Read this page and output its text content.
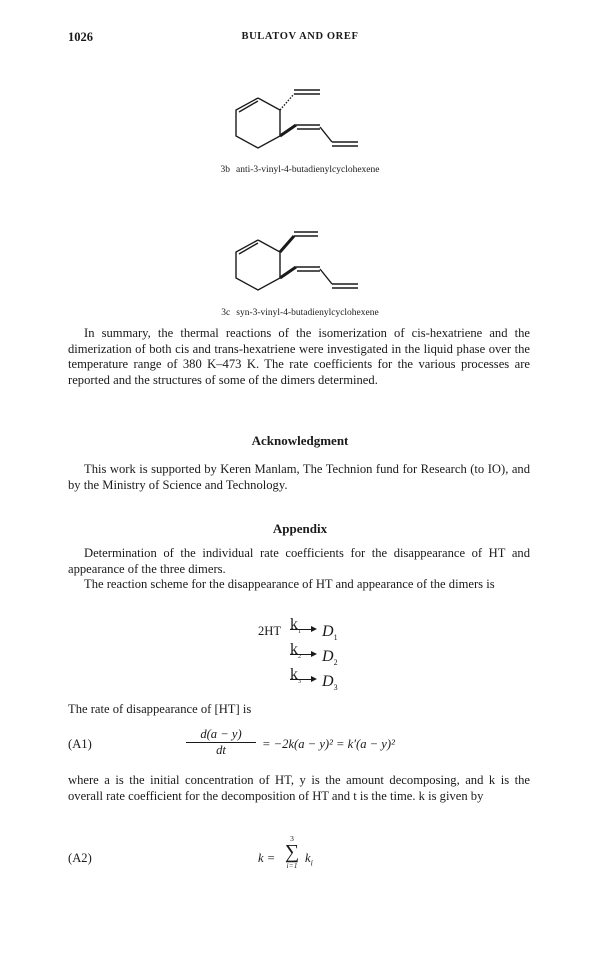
1026	BULATOV AND OREF
3b anti-3-vinyl-4-butadienylcyclohexene
3c syn-3-vinyl-4-butadienylcyclohexene

In summary, the thermal reactions of the isomerization of cis-hexatriene and the dimerization of both cis and trans-hexatriene were investigated in the liquid phase over the temperature range of 380 K–473 K. The rate coefficients for the various processes are reported and the structures of some of the dimers determined.

Acknowledgment

This work is supported by Keren Manlam, The Technion fund for Research (to IO), and by the Ministry of Science and Technology.

Appendix

Determination of the individual rate coefficients for the disappearance of HT and appearance of the three dimers.

The reaction scheme for the disappearance of HT and appearance of the dimers is

2HT $k_1$ $D_1$
$k_2$ $D_2$
$k_3$ $D_3$
The rate of disappearance of [HT] is
(A1)
d(a − y)
dt	= −2k(a − y)² = k′(a − y)²

where a is the initial concentration of HT, y is the amount decomposing, and k is the overall rate coefficient for the decomposition of HT and t is the time. k is given by

(A2)	k =
3
∑
i=1
$k_i$
